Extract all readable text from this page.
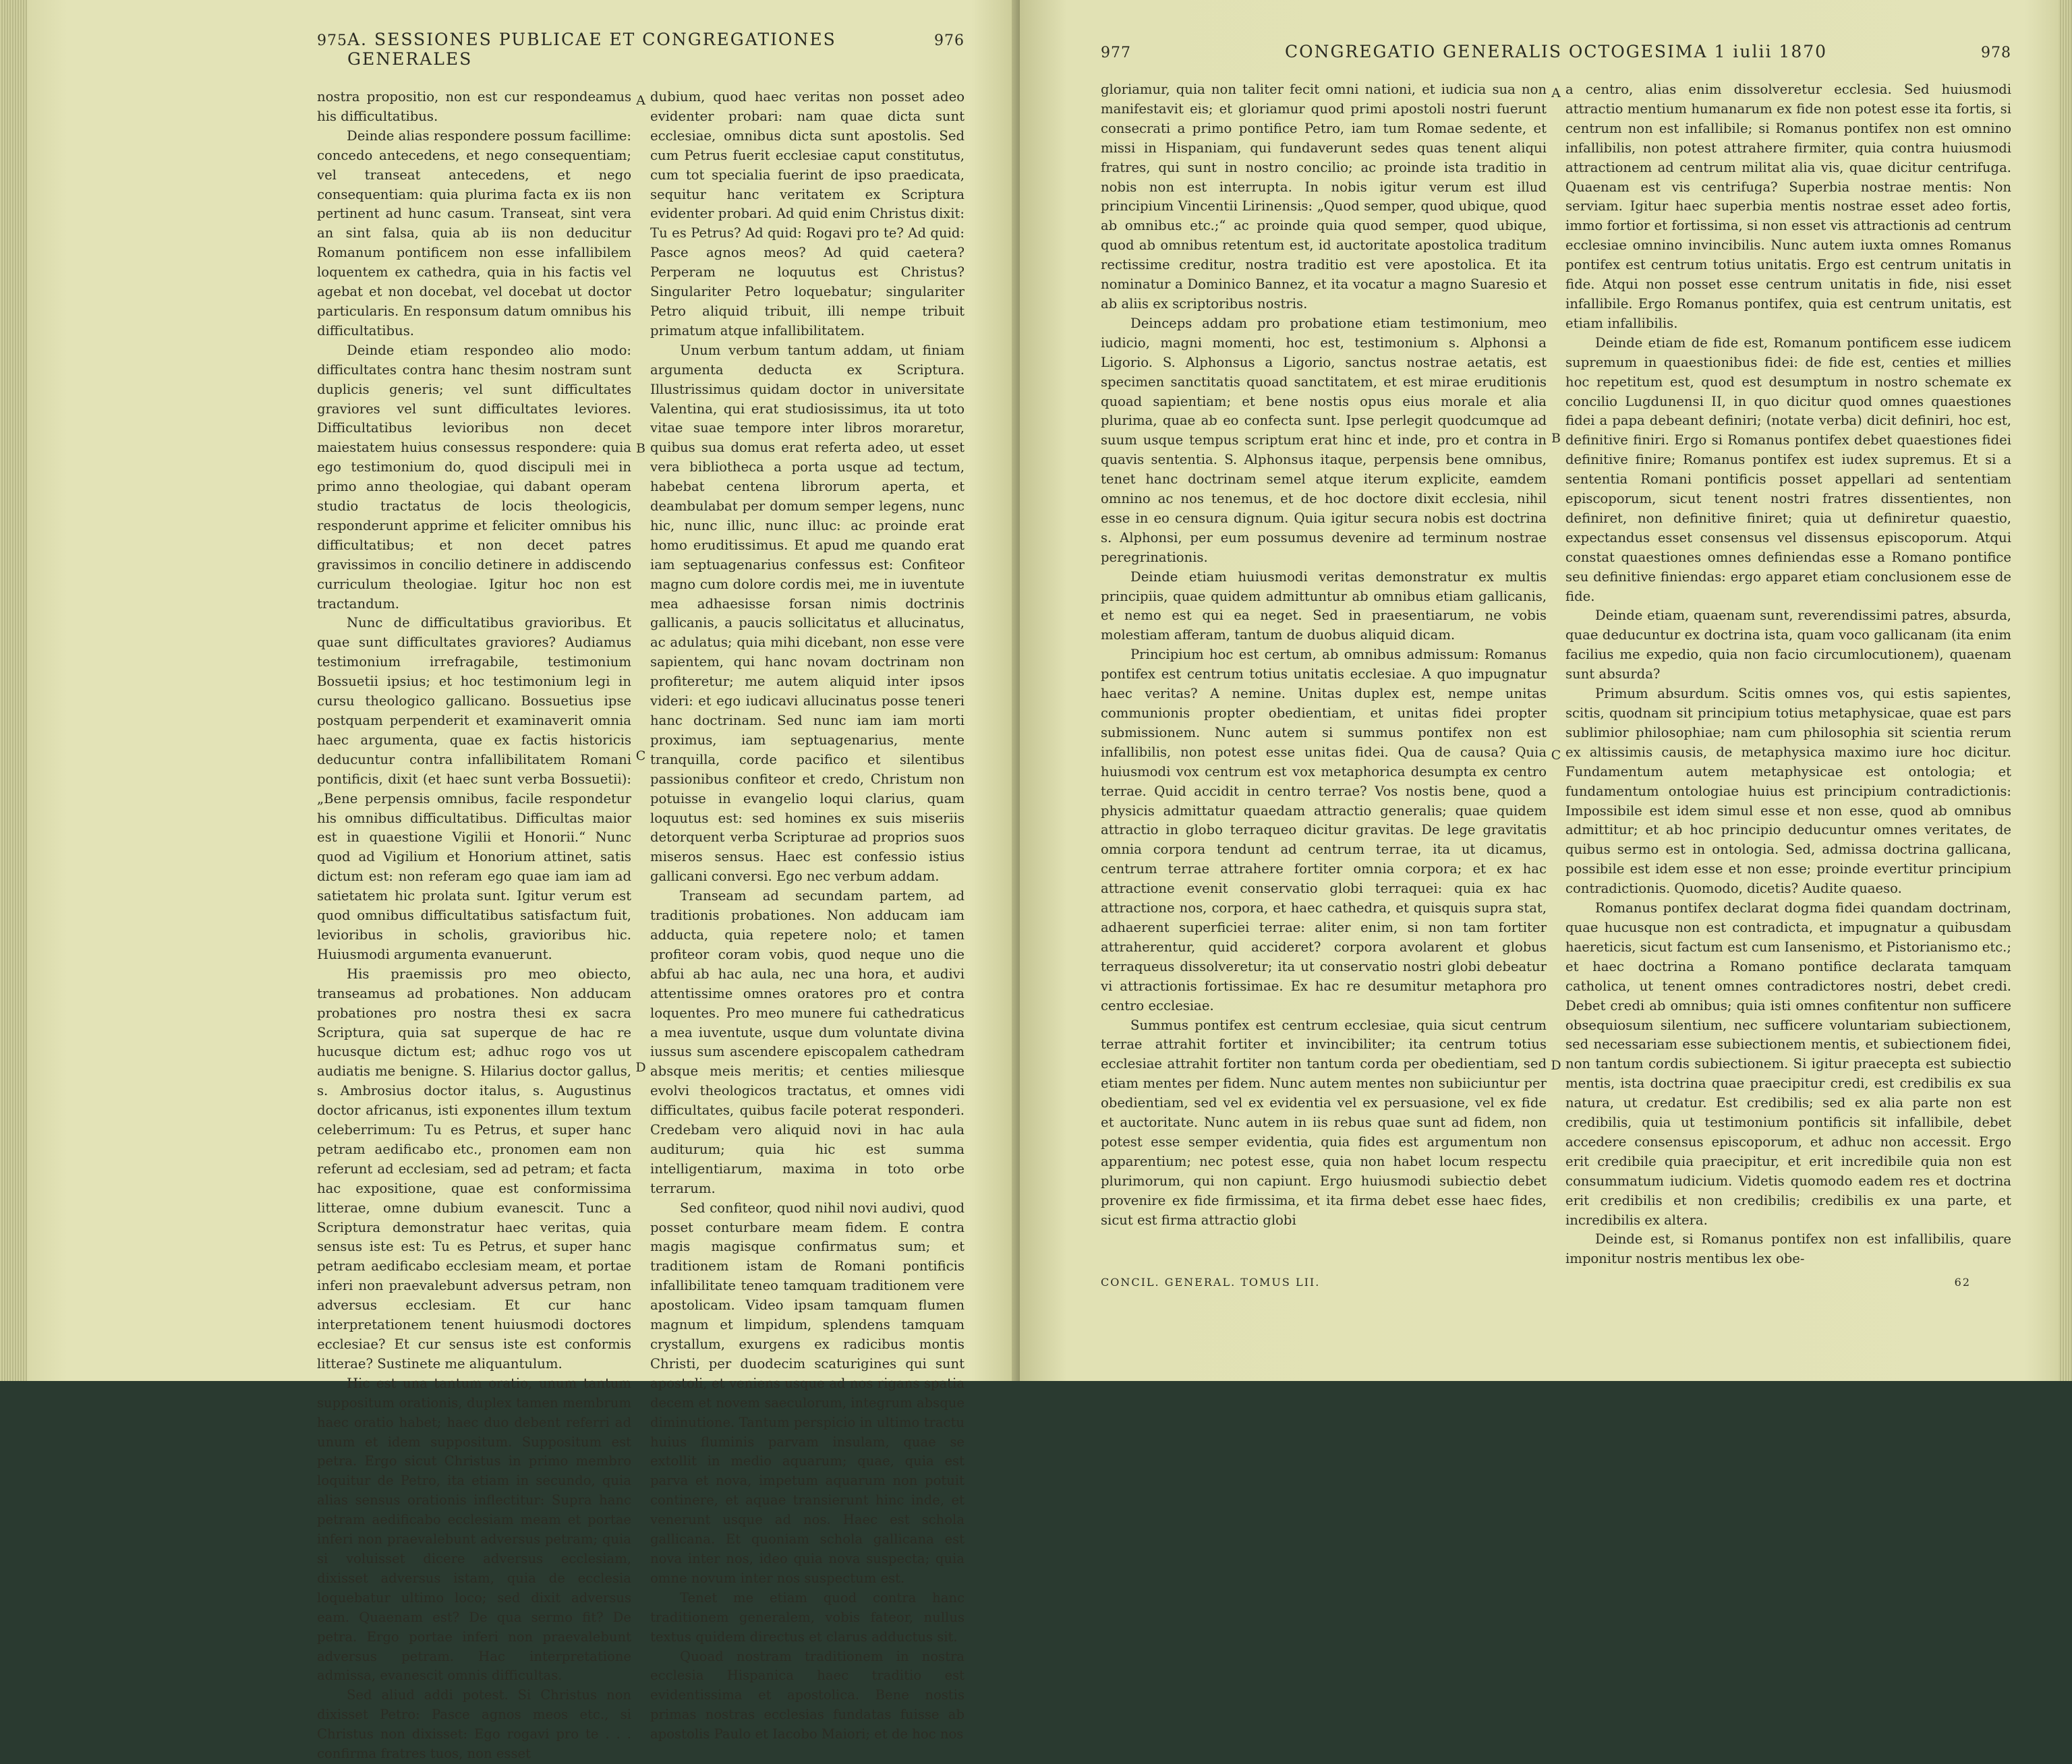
975 A. SESSIONES PUBLICAE ET CONGREGATIONES GENERALES
976

nostra propositio, non est cur respondeamus his difficultatibus.

Deinde alias respondere possum facillime: concedo antecedens, et nego consequentiam; vel transeat antecedens, et nego consequentiam: quia plurima facta ex iis non pertinent ad hunc casum. Transeat, sint vera an sint falsa, quia ab iis non deducitur Romanum pontificem non esse infallibilem loquentem ex cathedra, quia in his factis vel agebat et non docebat, vel docebat ut doctor particularis. En responsum datum omnibus his difficultatibus.

Deinde etiam respondeo alio modo: difficultates contra hanc thesim nostram sunt duplicis generis; vel sunt difficultates graviores vel sunt difficultates leviores. Difficultatibus levioribus non decet maiestatem huius consessus respondere: quia ego testimonium do, quod discipuli mei in primo anno theologiae, qui dabant operam studio tractatus de locis theologicis, responderunt apprime et feliciter omnibus his difficultatibus; et non decet patres gravissimos in concilio detinere in addiscendo curriculum theologiae. Igitur hoc non est tractandum.

Nunc de difficultatibus gravioribus. Et quae sunt difficultates graviores? Audiamus testimonium irrefragabile, testimonium Bossuetii ipsius; et hoc testimonium legi in cursu theologico gallicano. Bossuetius ipse postquam perpenderit et examinaverit omnia haec argumenta, quae ex factis historicis deducuntur contra infallibilitatem Romani pontificis, dixit (et haec sunt verba Bossuetii): „Bene perpensis omnibus, facile respondetur his omnibus difficultatibus. Difficultas maior est in quaestione Vigilii et Honorii.“ Nunc quod ad Vigilium et Honorium attinet, satis dictum est: non referam ego quae iam iam ad satietatem hic prolata sunt. Igitur verum est quod omnibus difficultatibus satisfactum fuit, levioribus in scholis, gravioribus hic. Huiusmodi argumenta evanuerunt.

His praemissis pro meo obiecto, transeamus ad probationes. Non adducam probationes pro nostra thesi ex sacra Scriptura, quia sat superque de hac re hucusque dictum est; adhuc rogo vos ut audiatis me benigne. S. Hilarius doctor gallus, s. Ambrosius doctor italus, s. Augustinus doctor africanus, isti exponentes illum textum celeberrimum: Tu es Petrus, et super hanc petram aedificabo etc., pronomen eam non referunt ad ecclesiam, sed ad petram; et facta hac expositione, quae est conformissima litterae, omne dubium evanescit. Tunc a Scriptura demonstratur haec veritas, quia sensus iste est: Tu es Petrus, et super hanc petram aedificabo ecclesiam meam, et portae inferi non praevalebunt adversus petram, non adversus ecclesiam. Et cur hanc interpretationem tenent huiusmodi doctores ecclesiae? Et cur sensus iste est conformis litterae? Sustinete me aliquantulum.

Hic est una tantum oratio, unum tantum suppositum orationis, duplex tamen membrum haec oratio habet; haec duo debent referri ad unum et idem suppositum. Suppositum est petra. Ergo sicut Christus in primo membro loquitur de Petro, ita etiam in secundo, quia alias sensus orationis inflectitur: Supra hanc petram aedificabo ecclesiam meam et portae inferi non praevalebunt adversus petram; quia si voluisset dicere adversus ecclesiam, dixisset adversus istam, quia de ecclesia loquebatur ultimo loco; sed dixit adversus eam. Quaenam est? De qua sermo fit? De petra. Ergo portae inferi non praevalebunt adversus petram. Hac interpretatione admissa, evanescit omnis difficultas.

Sed aliud addi potest. Si Christus non dixisset Petro: Pasce agnos meos etc., si Christus non dixisset: Ego rogavi pro te . . . confirma fratres tuos, non esset

dubium, quod haec veritas non posset adeo evidenter probari: nam quae dicta sunt ecclesiae, omnibus dicta sunt apostolis. Sed cum Petrus fuerit ecclesiae caput constitutus, cum tot specialia fuerint de ipso praedicata, sequitur hanc veritatem ex Scriptura evidenter probari. Ad quid enim Christus dixit: Tu es Petrus? Ad quid: Rogavi pro te? Ad quid: Pasce agnos meos? Ad quid caetera? Perperam ne loquutus est Christus? Singulariter Petro loquebatur; singulariter Petro aliquid tribuit, illi nempe tribuit primatum atque infallibilitatem.

Unum verbum tantum addam, ut finiam argumentа deducta ex Scriptura. Illustrissimus quidam doctor in universitate Valentina, qui erat studiosissimus, ita ut toto vitae suae tempore inter libros moraretur, quibus sua domus erat referta adeo, ut esset vera bibliotheca a porta usque ad tectum, habebat centena librorum aperta, et deambulabat per domum semper legens, nunc hic, nunc illic, nunc illuc: ac proinde erat homo eruditissimus. Et apud me quando erat iam septuagenarius confessus est: Confiteor magno cum dolore cordis mei, me in iuventute mea adhaesisse forsan nimis doctrinis gallicanis, a paucis sollicitatus et allucinatus, ac adulatus; quia mihi dicebant, non esse vere sapientem, qui hanc novam doctrinam non profiteretur; me autem aliquid inter ipsos videri: et ego iudicavi allucinatus posse teneri hanc doctrinam. Sed nunc iam iam morti proximus, iam septuagenarius, mente tranquilla, corde pacifico et silentibus passionibus confiteor et credo, Christum non potuisse in evangelio loqui clarius, quam loquutus est: sed homines ex suis miseriis detorquent verba Scripturae ad proprios suos miseros sensus. Haec est confessio istius gallicani conversi. Ego nec verbum addam.

Transeam ad secundam partem, ad traditionis probationes. Non adducam iam adducta, quia repetere nolo; et tamen profiteor coram vobis, quod neque uno die abfui ab hac aula, nec una hora, et audivi attentissime omnes oratores pro et contra loquentes. Pro meo munere fui cathedraticus a mea iuventute, usque dum voluntate divina iussus sum ascendere episcopalem cathedram absque meis meritis; et centies miliesque evolvi theologicos tractatus, et omnes vidi difficultates, quibus facile poterat responderi. Credebam vero aliquid novi in hac aula auditurum; quia hic est summa intelligentiarum, maxima in toto orbe terrarum.

Sed confiteor, quod nihil novi audivi, quod posset conturbare meam fidem. E contra magis magisque confirmatus sum; et traditionem istam de Romani pontificis infallibilitate teneo tamquam traditionem vere apostolicam. Video ipsam tamquam flumen magnum et limpidum, splendens tamquam crystallum, exurgens ex radicibus montis Christi, per duodecim scaturigines qui sunt apostoli, et veniens usque ad nos rigans spatia decem et novem saeculorum, integrum absque diminutione. Tantum perspicio in ultimo tractu huius fluminis parvam insulam, quae se extollit in medio aquarum; quae, quia est parva et nova, impetum aquarum non potuit continere, et aquae transierunt hinc inde, et venerunt usque ad nos. Haec est schola gallicana. Et quoniam schola gallicana est nova inter nos, ideo quia nova suspecta; quia omne novum inter nos suspectum est.

Tenet me etiam quod contra hanc traditionem generalem, vobis fateor, nullus textus quidem directus et clarus adductus sit.

Quoad nostram traditionem in nostra ecclesia Hispanica haec traditio est evidentissima et apostolica. Bene nostis primas nostras ecclesias fundatas fuisse ab apostolis Paulo et Iacobo Maiori; et de hoc nos

A
B
C
D
977	CONGREGATIO GENERALIS OCTOGESIMA 1 iulii 1870	978

gloriamur, quia non taliter fecit omni nationi, et iudicia sua non manifestavit eis; et gloriamur quod primi apostoli nostri fuerunt consecrati a primo pontifice Petro, iam tum Romae sedente, et missi in Hispaniam, qui fundaverunt sedes quas tenent aliqui fratres, qui sunt in nostro concilio; ac proinde ista traditio in nobis non est interrupta. In nobis igitur verum est illud principium Vincentii Lirinensis: „Quod semper, quod ubique, quod ab omnibus etc.;“ ac proinde quia quod semper, quod ubique, quod ab omnibus retentum est, id auctoritate apostolica traditum rectissime creditur, nostra traditio est vere apostolica. Et ita nominatur a Dominico Bannez, et ita vocatur a magno Suaresio et ab aliis ex scriptoribus nostris.

Deinceps addam pro probatione etiam testimonium, meo iudicio, magni momenti, hoc est, testimonium s. Alphonsi a Ligorio. S. Alphonsus a Ligorio, sanctus nostrae aetatis, est specimen sanctitatis quoad sanctitatem, et est mirae eruditionis quoad sapientiam; et bene nostis opus eius morale et alia plurima, quae ab eo confecta sunt. Ipse perlegit quodcumque ad suum usque tempus scriptum erat hinc et inde, pro et contra in quavis sententia. S. Alphonsus itaque, perpensis bene omnibus, tenet hanc doctrinam semel atque iterum explicite, eamdem omnino ac nos tenemus, et de hoc doctore dixit ecclesia, nihil esse in eo censura dignum. Quia igitur secura nobis est doctrina s. Alphonsi, per eum possumus devenire ad terminum nostrae peregrinationis.

Deinde etiam huiusmodi veritas demonstratur ex multis principiis, quae quidem admittuntur ab omnibus etiam gallicanis, et nemo est qui ea neget. Sed in praesentiarum, ne vobis molestiam afferam, tantum de duobus aliquid dicam.

Principium hoc est certum, ab omnibus admissum: Romanus pontifex est centrum totius unitatis ecclesiae. A quo impugnatur haec veritas? A nemine. Unitas duplex est, nempe unitas communionis propter obedientiam, et unitas fidei propter submissionem. Nunc autem si summus pontifex non est infallibilis, non potest esse unitas fidei. Qua de causa? Quia huiusmodi vox centrum est vox metaphorica desumpta ex centro terrae. Quid accidit in centro terrae? Vos nostis bene, quod a physicis admittatur quaedam attractio generalis; quae quidem attractio in globo terraqueo dicitur gravitas. De lege gravitatis omnia corpora tendunt ad centrum terrae, ita ut dicamus, centrum terrae attrahere fortiter omnia corpora; et ex hac attractione evenit conservatio globi terraquei: quia ex hac attractione nos, corpora, et haec cathedra, et quisquis supra stat, adhaerent superficiei terrae: aliter enim, si non tam fortiter attraherentur, quid accideret? corpora avolarent et globus terraqueus dissolveretur; ita ut conservatio nostri globi debeatur vi attractionis fortissimae. Ex hac re desumitur metaphora pro centro ecclesiae.

Summus pontifex est centrum ecclesiae, quia sicut centrum terrae attrahit fortiter et invincibiliter; ita centrum totius ecclesiae attrahit fortiter non tantum corda per obedientiam, sed etiam mentes per fidem. Nunc autem mentes non subiiciuntur per obedientiam, sed vel ex evidentia vel ex persuasione, vel ex fide et auctoritate. Nunc autem in iis rebus quae sunt ad fidem, non potest esse semper evidentia, quia fides est argumentum non apparentium; nec potest esse, quia non habet locum respectu plurimorum, qui non capiunt. Ergo huiusmodi subiectio debet provenire ex fide firmissima, et ita firma debet esse haec fides, sicut est firma attractio globi

a centro, alias enim dissolveretur ecclesia. Sed huiusmodi attractio mentium humanarum ex fide non potest esse ita fortis, si centrum non est infallibile; si Romanus pontifex non est omnino infallibilis, non potest attrahere firmiter, quia contra huiusmodi attractionem ad centrum militat alia vis, quae dicitur centrifuga. Quaenam est vis centrifuga? Superbia nostrae mentis: Non serviam. Igitur haec superbia mentis nostrae esset adeo fortis, immo fortior et fortissima, si non esset vis attractionis ad centrum ecclesiae omnino invincibilis. Nunc autem iuxta omnes Romanus pontifex est centrum totius unitatis. Ergo est centrum unitatis in fide. Atqui non posset esse centrum unitatis in fide, nisi esset infallibile. Ergo Romanus pontifex, quia est centrum unitatis, est etiam infallibilis.

Deinde etiam de fide est, Romanum pontificem esse iudicem supremum in quaestionibus fidei: de fide est, centies et millies hoc repetitum est, quod est desumptum in nostro schemate ex concilio Lugdunensi II, in quo dicitur quod omnes quaestiones fidei a papa debeant definiri; (notate verba) dicit definiri, hoc est, definitive finiri. Ergo si Romanus pontifex debet quaestiones fidei definitive finire; Romanus pontifex est iudex supremus. Et si a sententia Romani pontificis posset appellari ad sententiam episcoporum, sicut tenent nostri fratres dissentientes, non definiret, non definitive finiret; quia ut definiretur quaestio, expectandus esset consensus vel dissensus episcoporum. Atqui constat quaestiones omnes definiendas esse a Romano pontifice seu definitive finiendas: ergo apparet etiam conclusionem esse de fide.

Deinde etiam, quaenam sunt, reverendissimi patres, absurda, quae deducuntur ex doctrina ista, quam voco gallicanam (ita enim facilius me expedio, quia non facio circumlocutionem), quaenam sunt absurda?

Primum absurdum. Scitis omnes vos, qui estis sapientes, scitis, quodnam sit principium totius metaphysicae, quae est pars sublimior philosophiae; nam cum philosophia sit scientia rerum ex altissimis causis, de metaphysica maximo iure hoc dicitur. Fundamentum autem metaphysicae est ontologia; et fundamentum ontologiae huius est principium contradictionis: Impossibile est idem simul esse et non esse, quod ab omnibus admittitur; et ab hoc principio deducuntur omnes veritates, de quibus sermo est in ontologia. Sed, admissa doctrina gallicana, possibile est idem esse et non esse; proinde evertitur principium contradictionis. Quomodo, dicetis? Audite quaeso.

Romanus pontifex declarat dogma fidei quandam doctrinam, quae hucusque non est contradicta, et impugnatur a quibusdam haereticis, sicut factum est cum Iansenismo, et Pistorianismo etc.; et haec doctrina a Romano pontifice declarata tamquam catholica, ut tenent omnes contradictores nostri, debet credi. Debet credi ab omnibus; quia isti omnes confitentur non sufficere obsequiosum silentium, nec sufficere voluntariam subiectionem, sed necessariam esse subiectionem mentis, et subiectionem fidei, non tantum cordis subiectionem. Si igitur praecepta est subiectio mentis, ista doctrina quae praecipitur credi, est credibilis ex sua natura, ut credatur. Est credibilis; sed ex alia parte non est credibilis, quia ut testimonium pontificis sit infallibile, debet accedere consensus episcoporum, et adhuc non accessit. Ergo erit credibile quia praecipitur, et erit incredibile quia non est consummatum iudicium. Videtis quomodo eadem res et doctrina erit credibilis et non credibilis; credibilis ex una parte, et incredibilis ex altera.

Deinde est, si Romanus pontifex non est infallibilis, quare imponitur nostris mentibus lex obe-

A
B
C
D
CONCIL. GENERAL. TOMUS LII.	62
